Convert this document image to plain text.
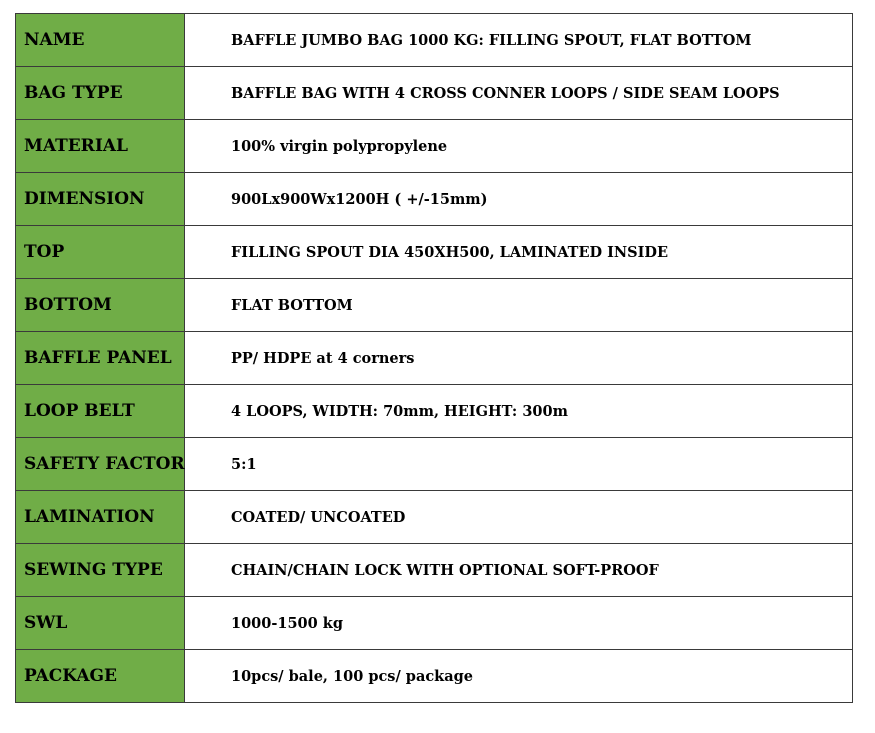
NAME	BAFFLE JUMBO BAG 1000 KG: FILLING SPOUT, FLAT BOTTOM
BAG TYPE	BAFFLE BAG WITH 4 CROSS CONNER LOOPS / SIDE SEAM LOOPS
MATERIAL	100% virgin polypropylene
DIMENSION	900Lx900Wx1200H ( +/-15mm)
TOP	FILLING SPOUT DIA 450XH500, LAMINATED INSIDE
BOTTOM	FLAT BOTTOM
BAFFLE PANEL	PP/ HDPE at 4 corners
LOOP BELT	4 LOOPS, WIDTH: 70mm, HEIGHT: 300m
SAFETY FACTOR	5:1
LAMINATION	COATED/ UNCOATED
SEWING TYPE	CHAIN/CHAIN LOCK WITH OPTIONAL SOFT-PROOF
SWL	1000-1500 kg
PACKAGE	10pcs/ bale, 100 pcs/ package
